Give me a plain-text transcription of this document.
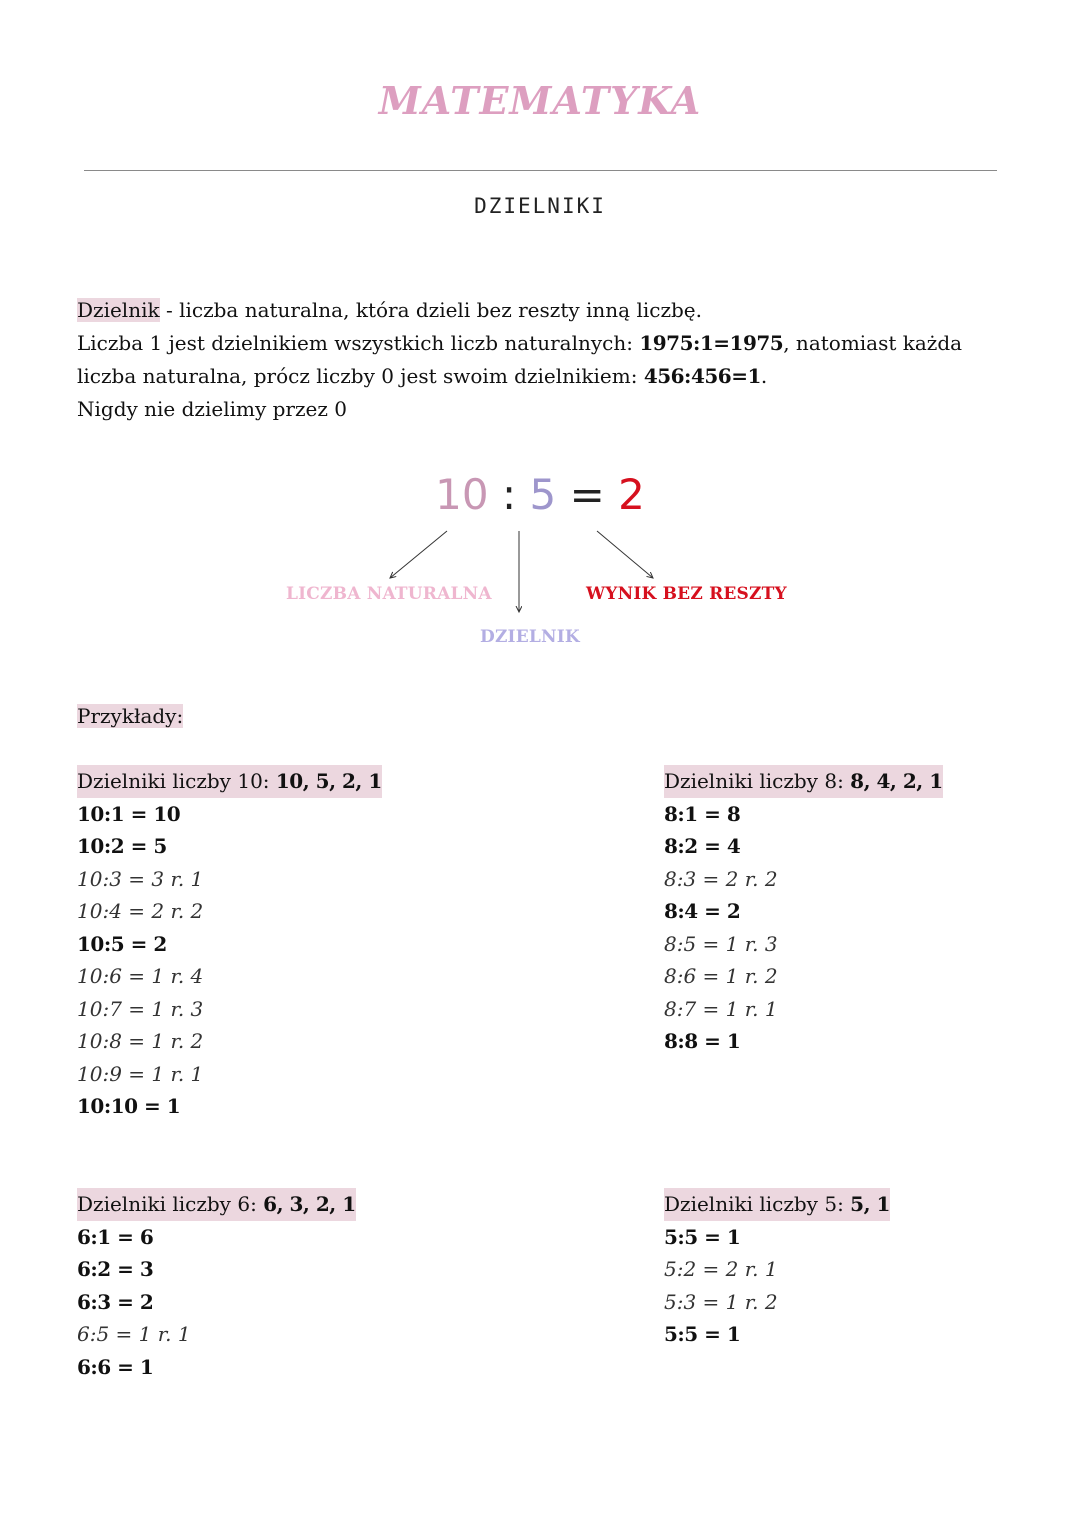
MATEMATYKA
DZIELNIKI
Dzielnik - liczba naturalna, która dzieli bez reszty inną liczbę.
Liczba 1 jest dzielnikiem wszystkich liczb naturalnych: 1975:1=1975, natomiast każda liczba naturalna, prócz liczby 0 jest swoim dzielnikiem: 456:456=1.
Nigdy nie dzielimy przez 0
10 : 5 = 2
LICZBA NATURALNA
DZIELNIK
WYNIK BEZ RESZTY
Przykłady:
Dzielniki liczby 10: 10, 5, 2, 1
10:1 = 10
10:2 = 5
10:3 = 3 r. 1
10:4 = 2 r. 2
10:5 = 2
10:6 = 1 r. 4
10:7 = 1 r. 3
10:8 = 1 r. 2
10:9 = 1 r. 1
10:10 = 1
Dzielniki liczby 8: 8, 4, 2, 1
8:1 = 8
8:2 = 4
8:3 = 2 r. 2
8:4 = 2
8:5 = 1 r. 3
8:6 = 1 r. 2
8:7 = 1 r. 1
8:8 = 1
Dzielniki liczby 6: 6, 3, 2, 1
6:1 = 6
6:2 = 3
6:3 = 2
6:5 = 1 r. 1
6:6 = 1
Dzielniki liczby 5: 5, 1
5:5 = 1
5:2 = 2 r. 1
5:3 = 1 r. 2
5:5 = 1
